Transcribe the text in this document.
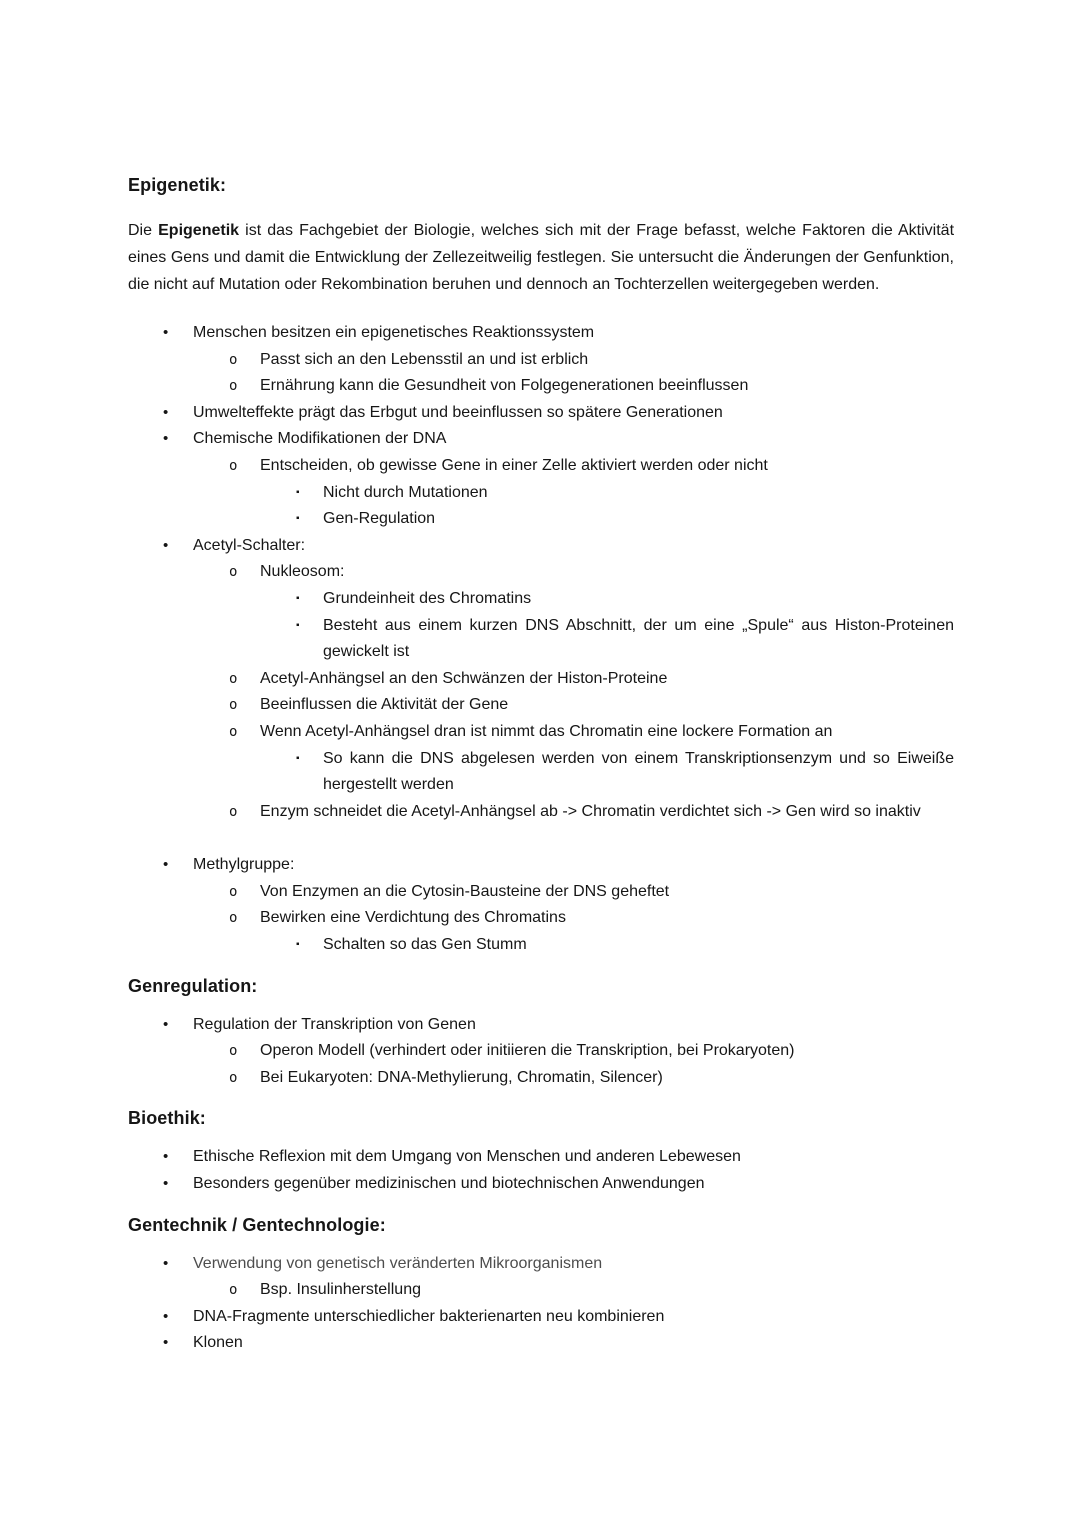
Epigenetik:

Die Epigenetik ist das Fachgebiet der Biologie, welches sich mit der Frage befasst, welche Faktoren die Aktivität eines Gens und damit die Entwicklung der Zellezeitweilig festlegen. Sie untersucht die Änderungen der Genfunktion, die nicht auf Mutation oder Rekombination beruhen und dennoch an Tochterzellen weitergegeben werden.

•	Menschen besitzen ein epigenetisches Reaktionssystem
o	Passt sich an den Lebensstil an und ist erblich
o	Ernährung kann die Gesundheit von Folgegenerationen beeinflussen
•	Umwelteffekte prägt das Erbgut und beeinflussen so spätere Generationen
•	Chemische Modifikationen der DNA
o	Entscheiden, ob gewisse Gene in einer Zelle aktiviert werden oder nicht
▪	Nicht durch Mutationen
▪	Gen-Regulation
•	Acetyl-Schalter:
o	Nukleosom:
▪	Grundeinheit des Chromatins
▪	Besteht aus einem kurzen DNS Abschnitt, der um eine „Spule“ aus Histon-Proteinen gewickelt ist
o	Acetyl-Anhängsel an den Schwänzen der Histon-Proteine
o	Beeinflussen die Aktivität der Gene
o	Wenn Acetyl-Anhängsel dran ist nimmt das Chromatin eine lockere Formation an
▪	So kann die DNS abgelesen werden von einem Transkriptionsenzym und so Eiweiße hergestellt werden
o	Enzym schneidet die Acetyl-Anhängsel ab -> Chromatin verdichtet sich -> Gen wird so inaktiv
•	Methylgruppe:
o	Von Enzymen an die Cytosin-Bausteine der DNS geheftet
o	Bewirken eine Verdichtung des Chromatins
▪	Schalten so das Gen Stumm
Genregulation:
•	Regulation der Transkription von Genen
o	Operon Modell (verhindert oder initiieren die Transkription, bei Prokaryoten)
o	Bei Eukaryoten: DNA-Methylierung, Chromatin, Silencer)
Bioethik:
•	Ethische Reflexion mit dem Umgang von Menschen und anderen Lebewesen
•	Besonders gegenüber medizinischen und biotechnischen Anwendungen
Gentechnik / Gentechnologie:
•	Verwendung von genetisch veränderten Mikroorganismen
o	Bsp. Insulinherstellung
•	DNA-Fragmente unterschiedlicher bakterienarten neu kombinieren
•	Klonen
